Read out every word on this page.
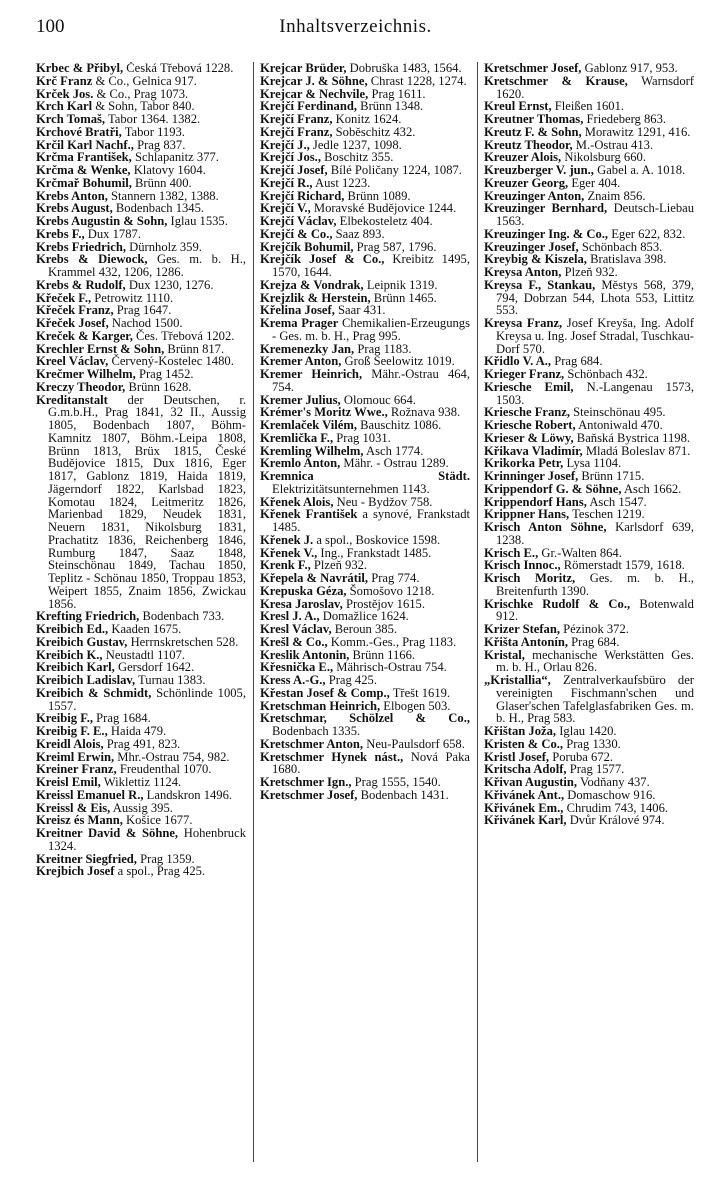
100	Inhaltsverzeichnis.
Krbec & Přibyl, Česká Třebová 1228.
Krč Franz & Co., Gelnica 917.
Krček Jos. & Co., Prag 1073.
Krch Karl & Sohn, Tabor 840.
Krch Tomaš, Tabor 1364. 1382.
Krchové Bratři, Tabor 1193.
Krčil Karl Nachf., Prag 837.
Krčma František, Schlapanitz 377.
Krčma & Wenke, Klatovy 1604.
Krčmař Bohumil, Brünn 400.
Krebs Anton, Stannern 1382, 1388.
Krebs August, Bodenbach 1345.
Krebs Augustin & Sohn, Iglau 1535.
Krebs F., Dux 1787.
Krebs Friedrich, Dürnholz 359.
Krebs & Diewock, Ges. m. b. H., Krammel 432, 1206, 1286.
Krebs & Rudolf, Dux 1230, 1276.
Křeček F., Petrowitz 1110.
Křeček Franz, Prag 1647.
Křeček Josef, Nachod 1500.
Kreček & Karger, Čes. Třebová 1202.
Krechler Ernst & Sohn, Brünn 817.
Kreel Václav, Červený-Kostelec 1480.
Krečmer Wilhelm, Prag 1452.
Kreczy Theodor, Brünn 1628.
Kreditanstalt der Deutschen, r. G.m.b.H., Prag 1841, 32 II., Aussig 1805, Bodenbach 1807, Böhm-Kamnitz 1807, Böhm.-Leipa 1808, Brünn 1813, Brüx 1815, České Budějovice 1815, Dux 1816, Eger 1817, Gablonz 1819, Haida 1819, Jägerndorf 1822, Karlsbad 1823, Komotau 1824, Leitmeritz 1826, Marienbad 1829, Neudek 1831, Neuern 1831, Nikolsburg 1831, Prachatitz 1836, Reichenberg 1846, Rumburg 1847, Saaz 1848, Steinschönau 1849, Tachau 1850, Teplitz - Schönau 1850, Troppau 1853, Weipert 1855, Znaim 1856, Zwickau 1856.
Krefting Friedrich, Bodenbach 733.
Kreibich Ed., Kaaden 1675.
Kreibich Gustav, Herrnskretschen 528.
Kreibich K., Neustadtl 1107.
Kreibich Karl, Gersdorf 1642.
Kreibich Ladislav, Turnau 1383.
Kreibich & Schmidt, Schönlinde 1005, 1557.
Kreibig F., Prag 1684.
Kreibig F. E., Haida 479.
Kreidl Alois, Prag 491, 823.
Kreiml Erwin, Mhr.-Ostrau 754, 982.
Kreiner Franz, Freudenthal 1070.
Kreisl Emil, Wiklettiz 1124.
Kreissl Emanuel R., Landskron 1496.
Kreissl & Eis, Aussig 395.
Kreisz és Mann, Košice 1677.
Kreitner David & Söhne, Hohenbruck 1324.
Kreitner Siegfried, Prag 1359.
Krejbich Josef a spol., Prag 425.
Krejcar Brüder, Dobruška 1483, 1564.
Krejcar J. & Söhne, Chrast 1228, 1274.
Krejcar & Nechvile, Prag 1611.
Krejčí Ferdinand, Brünn 1348.
Krejčí Franz, Konitz 1624.
Krejčí Franz, Soběschitz 432.
Krejčí J., Jedle 1237, 1098.
Krejčí Jos., Boschitz 355.
Krejčí Josef, Bílé Poličany 1224, 1087.
Krejčí R., Aust 1223.
Krejčí Richard, Brünn 1089.
Krejčí V., Moravské Budějovice 1244.
Krejčí Václav, Elbekosteletz 404.
Krejčí & Co., Saaz 893.
Krejčík Bohumil, Prag 587, 1796.
Krejčík Josef & Co., Kreibitz 1495, 1570, 1644.
Krejza & Vondrak, Leipnik 1319.
Krejzlik & Herstein, Brünn 1465.
Křelina Josef, Saar 431.
Krema Prager Chemikalien-Erzeugungs - Ges. m. b. H., Prag 995.
Kremenezky Jan, Prag 1183.
Kremer Anton, Groß Seelowitz 1019.
Kremer Heinrich, Mähr.-Ostrau 464, 754.
Kremer Julius, Olomouc 664.
Krémer's Moritz Wwe., Rožnava 938.
Kremlaček Vilém, Bauschitz 1086.
Kremlička F., Prag 1031.
Kremling Wilhelm, Asch 1774.
Kremlo Anton, Mähr. - Ostrau 1289.
Kremnica Städt. Elektrizitätsunternehmen 1143.
Křenek Alois, Neu - Bydžov 758.
Křenek František a synové, Frankstadt 1485.
Křenek J. a spol., Boskovice 1598.
Křenek V., Ing., Frankstadt 1485.
Krenk F., Plzeň 932.
Křepela & Navrátil, Prag 774.
Krepuska Géza, Šomošovo 1218.
Kresa Jaroslav, Prostějov 1615.
Kresl J. A., Domažlice 1624.
Kresl Václav, Beroun 385.
Krešl & Co., Komm.-Ges., Prag 1183.
Kreslik Antonin, Brünn 1166.
Křesnička E., Mährisch-Ostrau 754.
Kress A.-G., Prag 425.
Křestan Josef & Comp., Třešt 1619.
Kretschman Heinrich, Elbogen 503.
Kretschmar, Schölzel & Co., Bodenbach 1335.
Kretschmer Anton, Neu-Paulsdorf 658.
Kretschmer Hynek nást., Nová Paka 1680.
Kretschmer Ign., Prag 1555, 1540.
Kretschmer Josef, Bodenbach 1431.
Kretschmer Josef, Gablonz 917, 953.
Kretschmer & Krause, Warnsdorf 1620.
Kreul Ernst, Fleißen 1601.
Kreutner Thomas, Friedeberg 863.
Kreutz F. & Sohn, Morawitz 1291, 416.
Kreutz Theodor, M.-Ostrau 413.
Kreuzer Alois, Nikolsburg 660.
Kreuzberger V. jun., Gabel a. A. 1018.
Kreuzer Georg, Eger 404.
Kreuzinger Anton, Znaim 856.
Kreuzinger Bernhard, Deutsch-Liebau 1563.
Kreuzinger Ing. & Co., Eger 622, 832.
Kreuzinger Josef, Schönbach 853.
Kreybig & Kiszela, Bratislava 398.
Kreysa Anton, Plzeň 932.
Kreysa F., Stankau, Městys 568, 379, 794, Dobrzan 544, Lhota 553, Littitz 553.
Kreysa Franz, Josef Kreyša, Ing. Adolf Kreysa u. Ing. Josef Stradal, Tuschkau-Dorf 570.
Křidlo V. A., Prag 684.
Krieger Franz, Schönbach 432.
Kriesche Emil, N.-Langenau 1573, 1503.
Kriesche Franz, Steinschönau 495.
Kriesche Robert, Antoniwald 470.
Krieser & Löwy, Baňská Bystrica 1198.
Křikava Vladimír, Mladá Boleslav 871.
Krikorka Petr, Lysa 1104.
Krinninger Josef, Brünn 1715.
Krippendorf G. & Söhne, Asch 1662.
Krippendorf Hans, Asch 1547.
Krippner Hans, Teschen 1219.
Krisch Anton Söhne, Karlsdorf 639, 1238.
Krisch E., Gr.-Walten 864.
Krisch Innoc., Römerstadt 1579, 1618.
Krisch Moritz, Ges. m. b. H., Breitenfurth 1390.
Krischke Rudolf & Co., Botenwald 912.
Krizer Stefan, Pézinok 372.
Křišta Antonín, Prag 684.
Kristal, mechanische Werkstätten Ges. m. b. H., Orlau 826.
„Kristallia“, Zentralverkaufsbüro der vereinigten Fischmann'schen und Glaser'schen Tafelglasfabriken Ges. m. b. H., Prag 583.
Křištan Joža, Iglau 1420.
Kristen & Co., Prag 1330.
Kristl Josef, Poruba 672.
Kritscha Adolf, Prag 1577.
Křivan Augustin, Vodňany 437.
Křivánek Ant., Domaschow 916.
Křivánek Em., Chrudim 743, 1406.
Křivánek Karl, Dvůr Králové 974.
